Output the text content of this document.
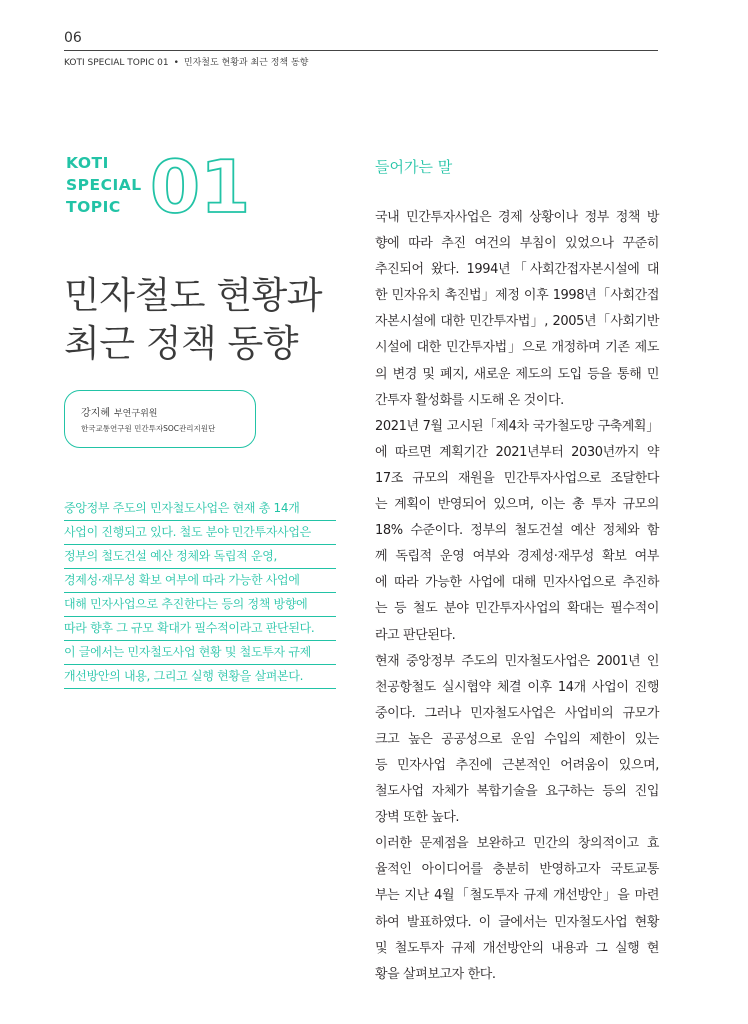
06
KOTI SPECIAL TOPIC 01 • 민자철도 현황과 최근 정책 동향
KOTI
SPECIAL
TOPIC 01
민자철도 현황과
최근 정책 동향
강지혜 부연구위원
한국교통연구원 민간투자SOC관리지원단
중앙정부 주도의 민자철도사업은 현재 총 14개
사업이 진행되고 있다. 철도 분야 민간투자사업은
정부의 철도건설 예산 정체와 독립적 운영,
경제성·재무성 확보 여부에 따라 가능한 사업에
대해 민자사업으로 추진한다는 등의 정책 방향에
따라 향후 그 규모 확대가 필수적이라고 판단된다.
이 글에서는 민자철도사업 현황 및 철도투자 규제
개선방안의 내용, 그리고 실행 현황을 살펴본다.
들어가는 말
국내 민간투자사업은 경제 상황이나 정부 정책 방
향에 따라 추진 여건의 부침이 있었으나 꾸준히
추진되어 왔다. 1994년「사회간접자본시설에 대
한 민자유치 촉진법」제정 이후 1998년「사회간접
자본시설에 대한 민간투자법」, 2005년「사회기반
시설에 대한 민간투자법」으로 개정하며 기존 제도
의 변경 및 폐지, 새로운 제도의 도입 등을 통해 민
간투자 활성화를 시도해 온 것이다.
2021년 7월 고시된「제4차 국가철도망 구축계획」
에 따르면 계획기간 2021년부터 2030년까지 약
17조 규모의 재원을 민간투자사업으로 조달한다
는 계획이 반영되어 있으며, 이는 총 투자 규모의
18% 수준이다. 정부의 철도건설 예산 정체와 함
께 독립적 운영 여부와 경제성·재무성 확보 여부
에 따라 가능한 사업에 대해 민자사업으로 추진하
는 등 철도 분야 민간투자사업의 확대는 필수적이
라고 판단된다.
현재 중앙정부 주도의 민자철도사업은 2001년 인
천공항철도 실시협약 체결 이후 14개 사업이 진행
중이다. 그러나 민자철도사업은 사업비의 규모가
크고 높은 공공성으로 운임 수입의 제한이 있는
등 민자사업 추진에 근본적인 어려움이 있으며,
철도사업 자체가 복합기술을 요구하는 등의 진입
장벽 또한 높다.
이러한 문제점을 보완하고 민간의 창의적이고 효
율적인 아이디어를 충분히 반영하고자 국토교통
부는 지난 4월「철도투자 규제 개선방안」을 마련
하여 발표하였다. 이 글에서는 민자철도사업 현황
및 철도투자 규제 개선방안의 내용과 그 실행 현
황을 살펴보고자 한다.
